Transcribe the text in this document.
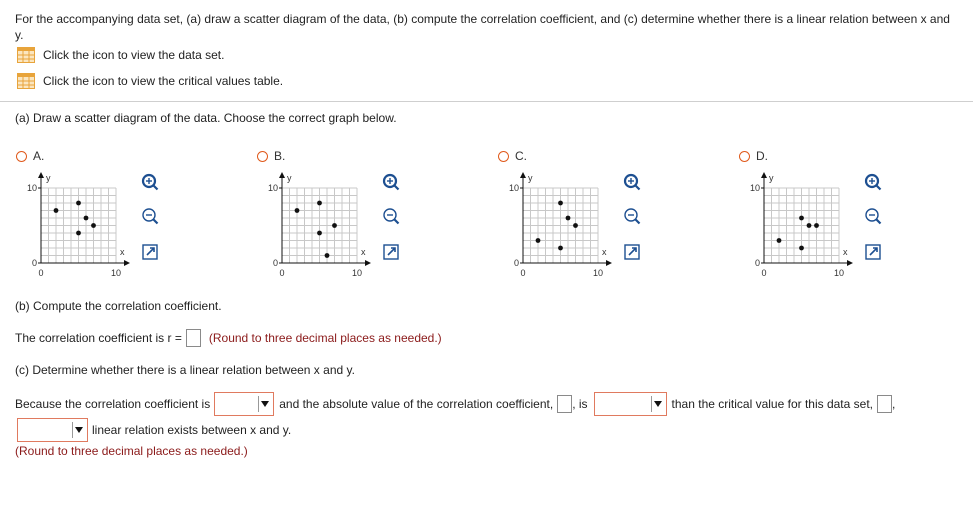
For the accompanying data set, (a) draw a scatter diagram of the data, (b) compute the correlation coefficient, and (c) determine whether there is a linear relation between x and y.
Click the icon to view the data set.
Click the icon to view the critical values table.
(a) Draw a scatter diagram of the data. Choose the correct graph below.
A.
y
x
10
0
0	10
B.
y
x
10
0
0	10
C.
y
x
10
0
0	10
D.
y
x
10
0
0	10
(b) Compute the correlation coefficient.
The correlation coefficient is r = (Round to three decimal places as needed.)
(c) Determine whether there is a linear relation between x and y.
Because the correlation coefficient is	and the absolute value of the correlation coefficient, , is	than the critical value for this data set, ,
linear relation exists between x and y.
(Round to three decimal places as needed.)
